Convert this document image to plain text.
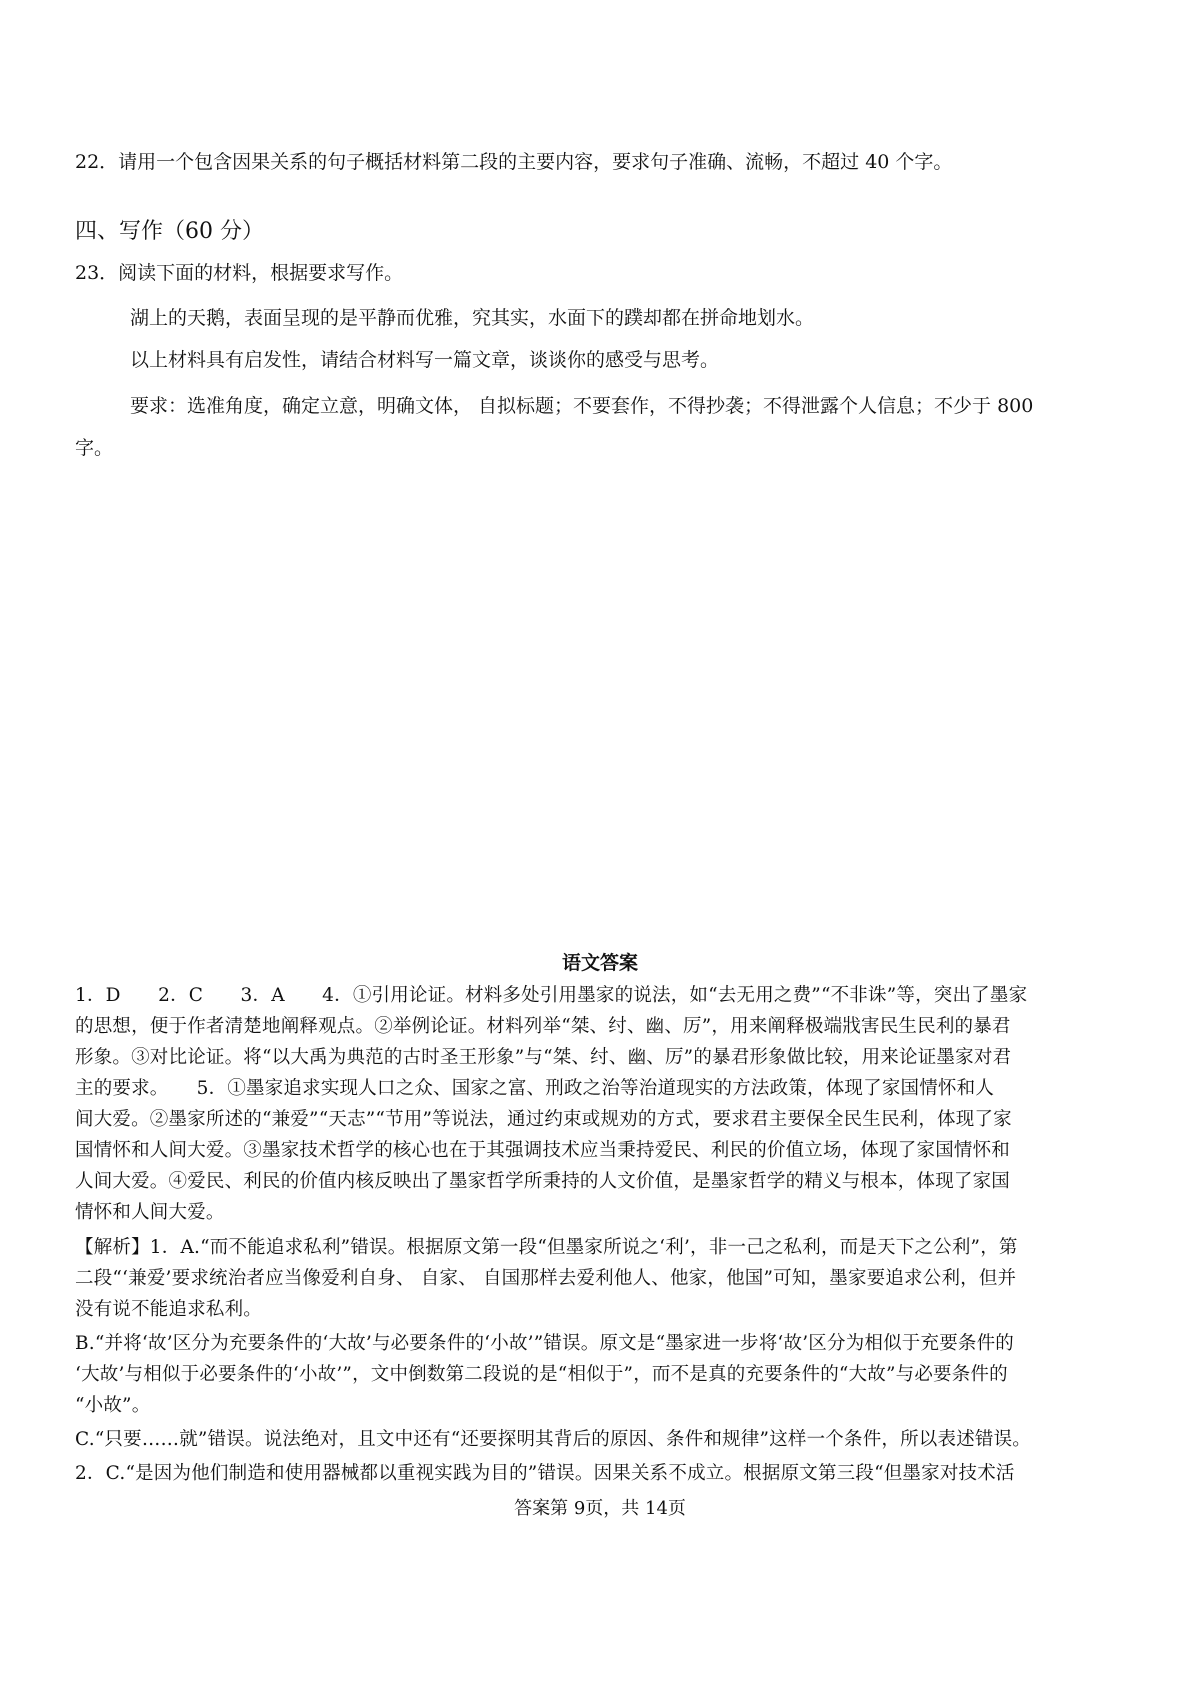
22．请用一个包含因果关系的句子概括材料第二段的主要内容，要求句子准确、流畅，不超过 40 个字。
四、写作（60 分）
23．阅读下面的材料，根据要求写作。
湖上的天鹅，表面呈现的是平静而优雅，究其实，水面下的蹼却都在拼命地划水。
以上材料具有启发性，请结合材料写一篇文章，谈谈你的感受与思考。
要求：选准角度，确定立意，明确文体， 自拟标题；不要套作，不得抄袭；不得泄露个人信息；不少于 800
字。
语文答案
1．D　　2．C　　3．A　　4．①引用论证。材料多处引用墨家的说法，如“去无用之费”“不非诛”等，突出了墨家
的思想，便于作者清楚地阐释观点。②举例论证。材料列举“桀、纣、幽、厉”，用来阐释极端戕害民生民利的暴君
形象。③对比论证。将“以大禹为典范的古时圣王形象”与“桀、纣、幽、厉”的暴君形象做比较，用来论证墨家对君
主的要求。　　5．①墨家追求实现人口之众、国家之富、刑政之治等治道现实的方法政策，体现了家国情怀和人
间大爱。②墨家所述的“兼爱”“天志”“节用”等说法，通过约束或规劝的方式，要求君主要保全民生民利，体现了家
国情怀和人间大爱。③墨家技术哲学的核心也在于其强调技术应当秉持爱民、利民的价值立场，体现了家国情怀和
人间大爱。④爱民、利民的价值内核反映出了墨家哲学所秉持的人文价值，是墨家哲学的精义与根本，体现了家国
情怀和人间大爱。
【解析】1．A.“而不能追求私利”错误。根据原文第一段“但墨家所说之‘利’，非一己之私利，而是天下之公利”，第
二段“‘兼爱’要求统治者应当像爱利自身、 自家、 自国那样去爱利他人、他家，他国”可知，墨家要追求公利，但并
没有说不能追求私利。
B.“并将‘故’区分为充要条件的‘大故’与必要条件的‘小故’”错误。原文是“墨家进一步将‘故’区分为相似于充要条件的
‘大故’与相似于必要条件的‘小故’”，文中倒数第二段说的是“相似于”，而不是真的充要条件的“大故”与必要条件的
“小故”。
C.“只要……就”错误。说法绝对，且文中还有“还要探明其背后的原因、条件和规律”这样一个条件，所以表述错误。
2．C.“是因为他们制造和使用器械都以重视实践为目的”错误。因果关系不成立。根据原文第三段“但墨家对技术活
答案第 9页，共 14页
